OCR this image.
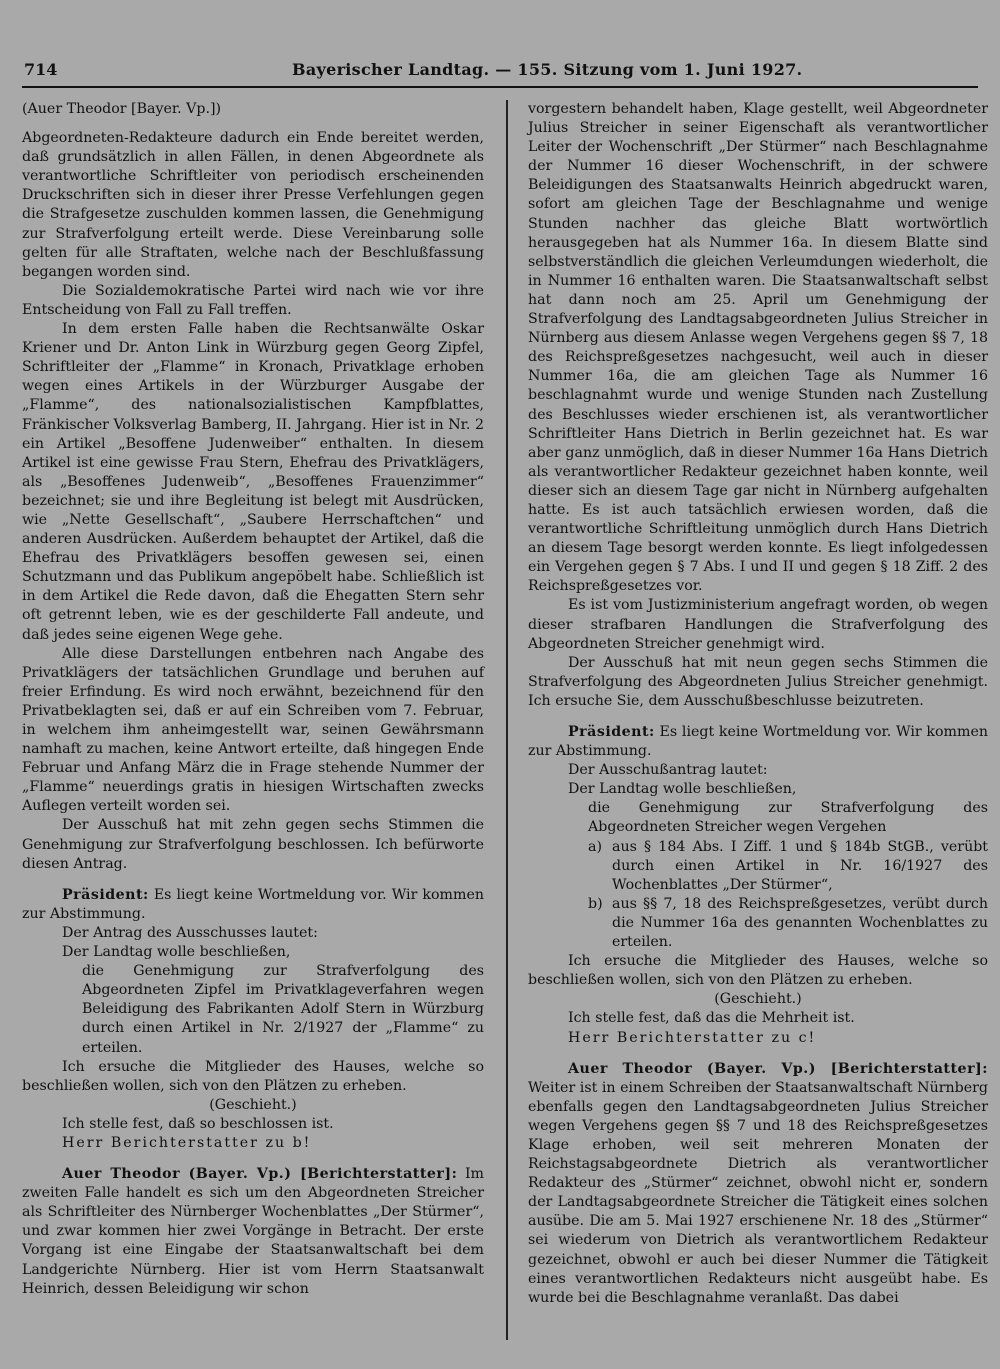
714	Bayerischer Landtag. — 155. Sitzung vom 1. Juni 1927.

(Auer Theodor [Bayer. Vp.])

Abgeordneten-Redakteure dadurch ein Ende bereitet werden, daß grundsätzlich in allen Fällen, in denen Abgeordnete als verantwortliche Schriftleiter von periodisch erscheinenden Druckschriften sich in dieser ihrer Presse Verfehlungen gegen die Strafgesetze zuschulden kommen lassen, die Genehmigung zur Strafverfolgung erteilt werde. Diese Vereinbarung solle gelten für alle Straftaten, welche nach der Beschlußfassung begangen worden sind.

Die Sozialdemokratische Partei wird nach wie vor ihre Entscheidung von Fall zu Fall treffen.

In dem ersten Falle haben die Rechtsanwälte Oskar Kriener und Dr. Anton Link in Würzburg gegen Georg Zipfel, Schriftleiter der „Flamme“ in Kronach, Privatklage erhoben wegen eines Artikels in der Würzburger Ausgabe der „Flamme“, des nationalsozialistischen Kampfblattes, Fränkischer Volksverlag Bamberg, II. Jahrgang. Hier ist in Nr. 2 ein Artikel „Besoffene Judenweiber“ enthalten. In diesem Artikel ist eine gewisse Frau Stern, Ehefrau des Privatklägers, als „Besoffenes Judenweib“, „Besoffenes Frauenzimmer“ bezeichnet; sie und ihre Begleitung ist belegt mit Ausdrücken, wie „Nette Gesellschaft“, „Saubere Herrschaftchen“ und anderen Ausdrücken. Außerdem behauptet der Artikel, daß die Ehefrau des Privatklägers besoffen gewesen sei, einen Schutzmann und das Publikum angepöbelt habe. Schließlich ist in dem Artikel die Rede davon, daß die Ehegatten Stern sehr oft getrennt leben, wie es der geschilderte Fall andeute, und daß jedes seine eigenen Wege gehe.

Alle diese Darstellungen entbehren nach Angabe des Privatklägers der tatsächlichen Grundlage und beruhen auf freier Erfindung. Es wird noch erwähnt, bezeichnend für den Privatbeklagten sei, daß er auf ein Schreiben vom 7. Februar, in welchem ihm anheimgestellt war, seinen Gewährsmann namhaft zu machen, keine Antwort erteilte, daß hingegen Ende Februar und Anfang März die in Frage stehende Nummer der „Flamme“ neuerdings gratis in hiesigen Wirtschaften zwecks Auflegen verteilt worden sei.

Der Ausschuß hat mit zehn gegen sechs Stimmen die Genehmigung zur Strafverfolgung beschlossen. Ich befürworte diesen Antrag.

Präsident: Es liegt keine Wortmeldung vor. Wir kommen zur Abstimmung.

Der Antrag des Ausschusses lautet:

Der Landtag wolle beschließen,

die Genehmigung zur Strafverfolgung des Abgeordneten Zipfel im Privatklageverfahren wegen Beleidigung des Fabrikanten Adolf Stern in Würzburg durch einen Artikel in Nr. 2/1927 der „Flamme“ zu erteilen.

Ich ersuche die Mitglieder des Hauses, welche so beschließen wollen, sich von den Plätzen zu erheben.

(Geschieht.)

Ich stelle fest, daß so beschlossen ist.

Herr Berichterstatter zu b!

Auer Theodor (Bayer. Vp.) [Berichterstatter]: Im zweiten Falle handelt es sich um den Abgeordneten Streicher als Schriftleiter des Nürnberger Wochenblattes „Der Stürmer“, und zwar kommen hier zwei Vorgänge in Betracht. Der erste Vorgang ist eine Eingabe der Staatsanwaltschaft bei dem Landgerichte Nürnberg. Hier ist vom Herrn Staatsanwalt Heinrich, dessen Beleidigung wir schon

vorgestern behandelt haben, Klage gestellt, weil Abgeordneter Julius Streicher in seiner Eigenschaft als verantwortlicher Leiter der Wochenschrift „Der Stürmer“ nach Beschlagnahme der Nummer 16 dieser Wochenschrift, in der schwere Beleidigungen des Staatsanwalts Heinrich abgedruckt waren, sofort am gleichen Tage der Beschlagnahme und wenige Stunden nachher das gleiche Blatt wortwörtlich herausgegeben hat als Nummer 16a. In diesem Blatte sind selbstverständlich die gleichen Verleumdungen wiederholt, die in Nummer 16 enthalten waren. Die Staatsanwaltschaft selbst hat dann noch am 25. April um Genehmigung der Strafverfolgung des Landtagsabgeordneten Julius Streicher in Nürnberg aus diesem Anlasse wegen Vergehens gegen §§ 7, 18 des Reichspreßgesetzes nachgesucht, weil auch in dieser Nummer 16a, die am gleichen Tage als Nummer 16 beschlagnahmt wurde und wenige Stunden nach Zustellung des Beschlusses wieder erschienen ist, als verantwortlicher Schriftleiter Hans Dietrich in Berlin gezeichnet hat. Es war aber ganz unmöglich, daß in dieser Nummer 16a Hans Dietrich als verantwortlicher Redakteur gezeichnet haben konnte, weil dieser sich an diesem Tage gar nicht in Nürnberg aufgehalten hatte. Es ist auch tatsächlich erwiesen worden, daß die verantwortliche Schriftleitung unmöglich durch Hans Dietrich an diesem Tage besorgt werden konnte. Es liegt infolgedessen ein Vergehen gegen § 7 Abs. I und II und gegen § 18 Ziff. 2 des Reichspreßgesetzes vor.

Es ist vom Justizministerium angefragt worden, ob wegen dieser strafbaren Handlungen die Strafverfolgung des Abgeordneten Streicher genehmigt wird.

Der Ausschuß hat mit neun gegen sechs Stimmen die Strafverfolgung des Abgeordneten Julius Streicher genehmigt. Ich ersuche Sie, dem Ausschußbeschlusse beizutreten.

Präsident: Es liegt keine Wortmeldung vor. Wir kommen zur Abstimmung.

Der Ausschußantrag lautet:

Der Landtag wolle beschließen,

die Genehmigung zur Strafverfolgung des Abgeordneten Streicher wegen Vergehen

a) aus § 184 Abs. I Ziff. 1 und § 184b StGB., verübt durch einen Artikel in Nr. 16/1927 des Wochenblattes „Der Stürmer“,
b) aus §§ 7, 18 des Reichspreßgesetzes, verübt durch die Nummer 16a des genannten Wochenblattes zu erteilen.

Ich ersuche die Mitglieder des Hauses, welche so beschließen wollen, sich von den Plätzen zu erheben.

(Geschieht.)

Ich stelle fest, daß das die Mehrheit ist.

Herr Berichterstatter zu c!

Auer Theodor (Bayer. Vp.) [Berichterstatter]: Weiter ist in einem Schreiben der Staatsanwaltschaft Nürnberg ebenfalls gegen den Landtagsabgeordneten Julius Streicher wegen Vergehens gegen §§ 7 und 18 des Reichspreßgesetzes Klage erhoben, weil seit mehreren Monaten der Reichstagsabgeordnete Dietrich als verantwortlicher Redakteur des „Stürmer“ zeichnet, obwohl nicht er, sondern der Landtagsabgeordnete Streicher die Tätigkeit eines solchen ausübe. Die am 5. Mai 1927 erschienene Nr. 18 des „Stürmer“ sei wiederum von Dietrich als verantwortlichem Redakteur gezeichnet, obwohl er auch bei dieser Nummer die Tätigkeit eines verantwortlichen Redakteurs nicht ausgeübt habe. Es wurde bei die Beschlagnahme veranlaßt. Das dabei
